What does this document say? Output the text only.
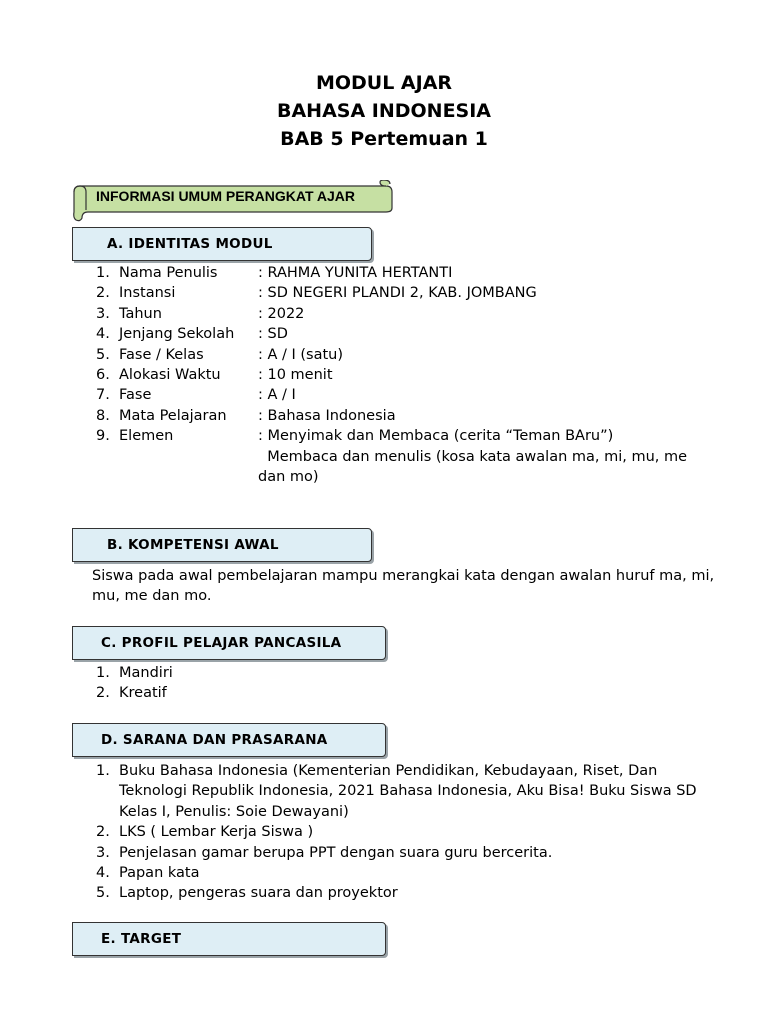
MODUL AJAR
BAHASA INDONESIA
BAB 5 Pertemuan 1
INFORMASI UMUM PERANGKAT AJAR
A. IDENTITAS MODUL
1. Nama Penulis	: RAHMA YUNITA HERTANTI
2. Instansi	: SD NEGERI PLANDI 2, KAB. JOMBANG
3. Tahun	: 2022
4. Jenjang Sekolah : SD
5. Fase / Kelas	: A / I (satu)
6. Alokasi Waktu	: 10 menit
7. Fase	: A / I
8. Mata Pelajaran : Bahasa Indonesia
9. Elemen	: Menyimak dan Membaca (cerita “Teman BAru”)
Membaca dan menulis (kosa kata awalan ma, mi, mu, me dan mo)
B. KOMPETENSI AWAL
Siswa pada awal pembelajaran mampu merangkai kata dengan awalan huruf ma, mi, mu, me dan mo.
C. PROFIL PELAJAR PANCASILA
1. Mandiri
2. Kreatif
D. SARANA DAN PRASARANA
1. Buku Bahasa Indonesia (Kementerian Pendidikan, Kebudayaan, Riset, Dan Teknologi Republik Indonesia, 2021 Bahasa Indonesia, Aku Bisa! Buku Siswa SD Kelas I, Penulis: Soie Dewayani)
2. LKS ( Lembar Kerja Siswa )
3. Penjelasan gamar berupa PPT dengan suara guru bercerita.
4. Papan kata
5. Laptop, pengeras suara dan proyektor
E. TARGET
